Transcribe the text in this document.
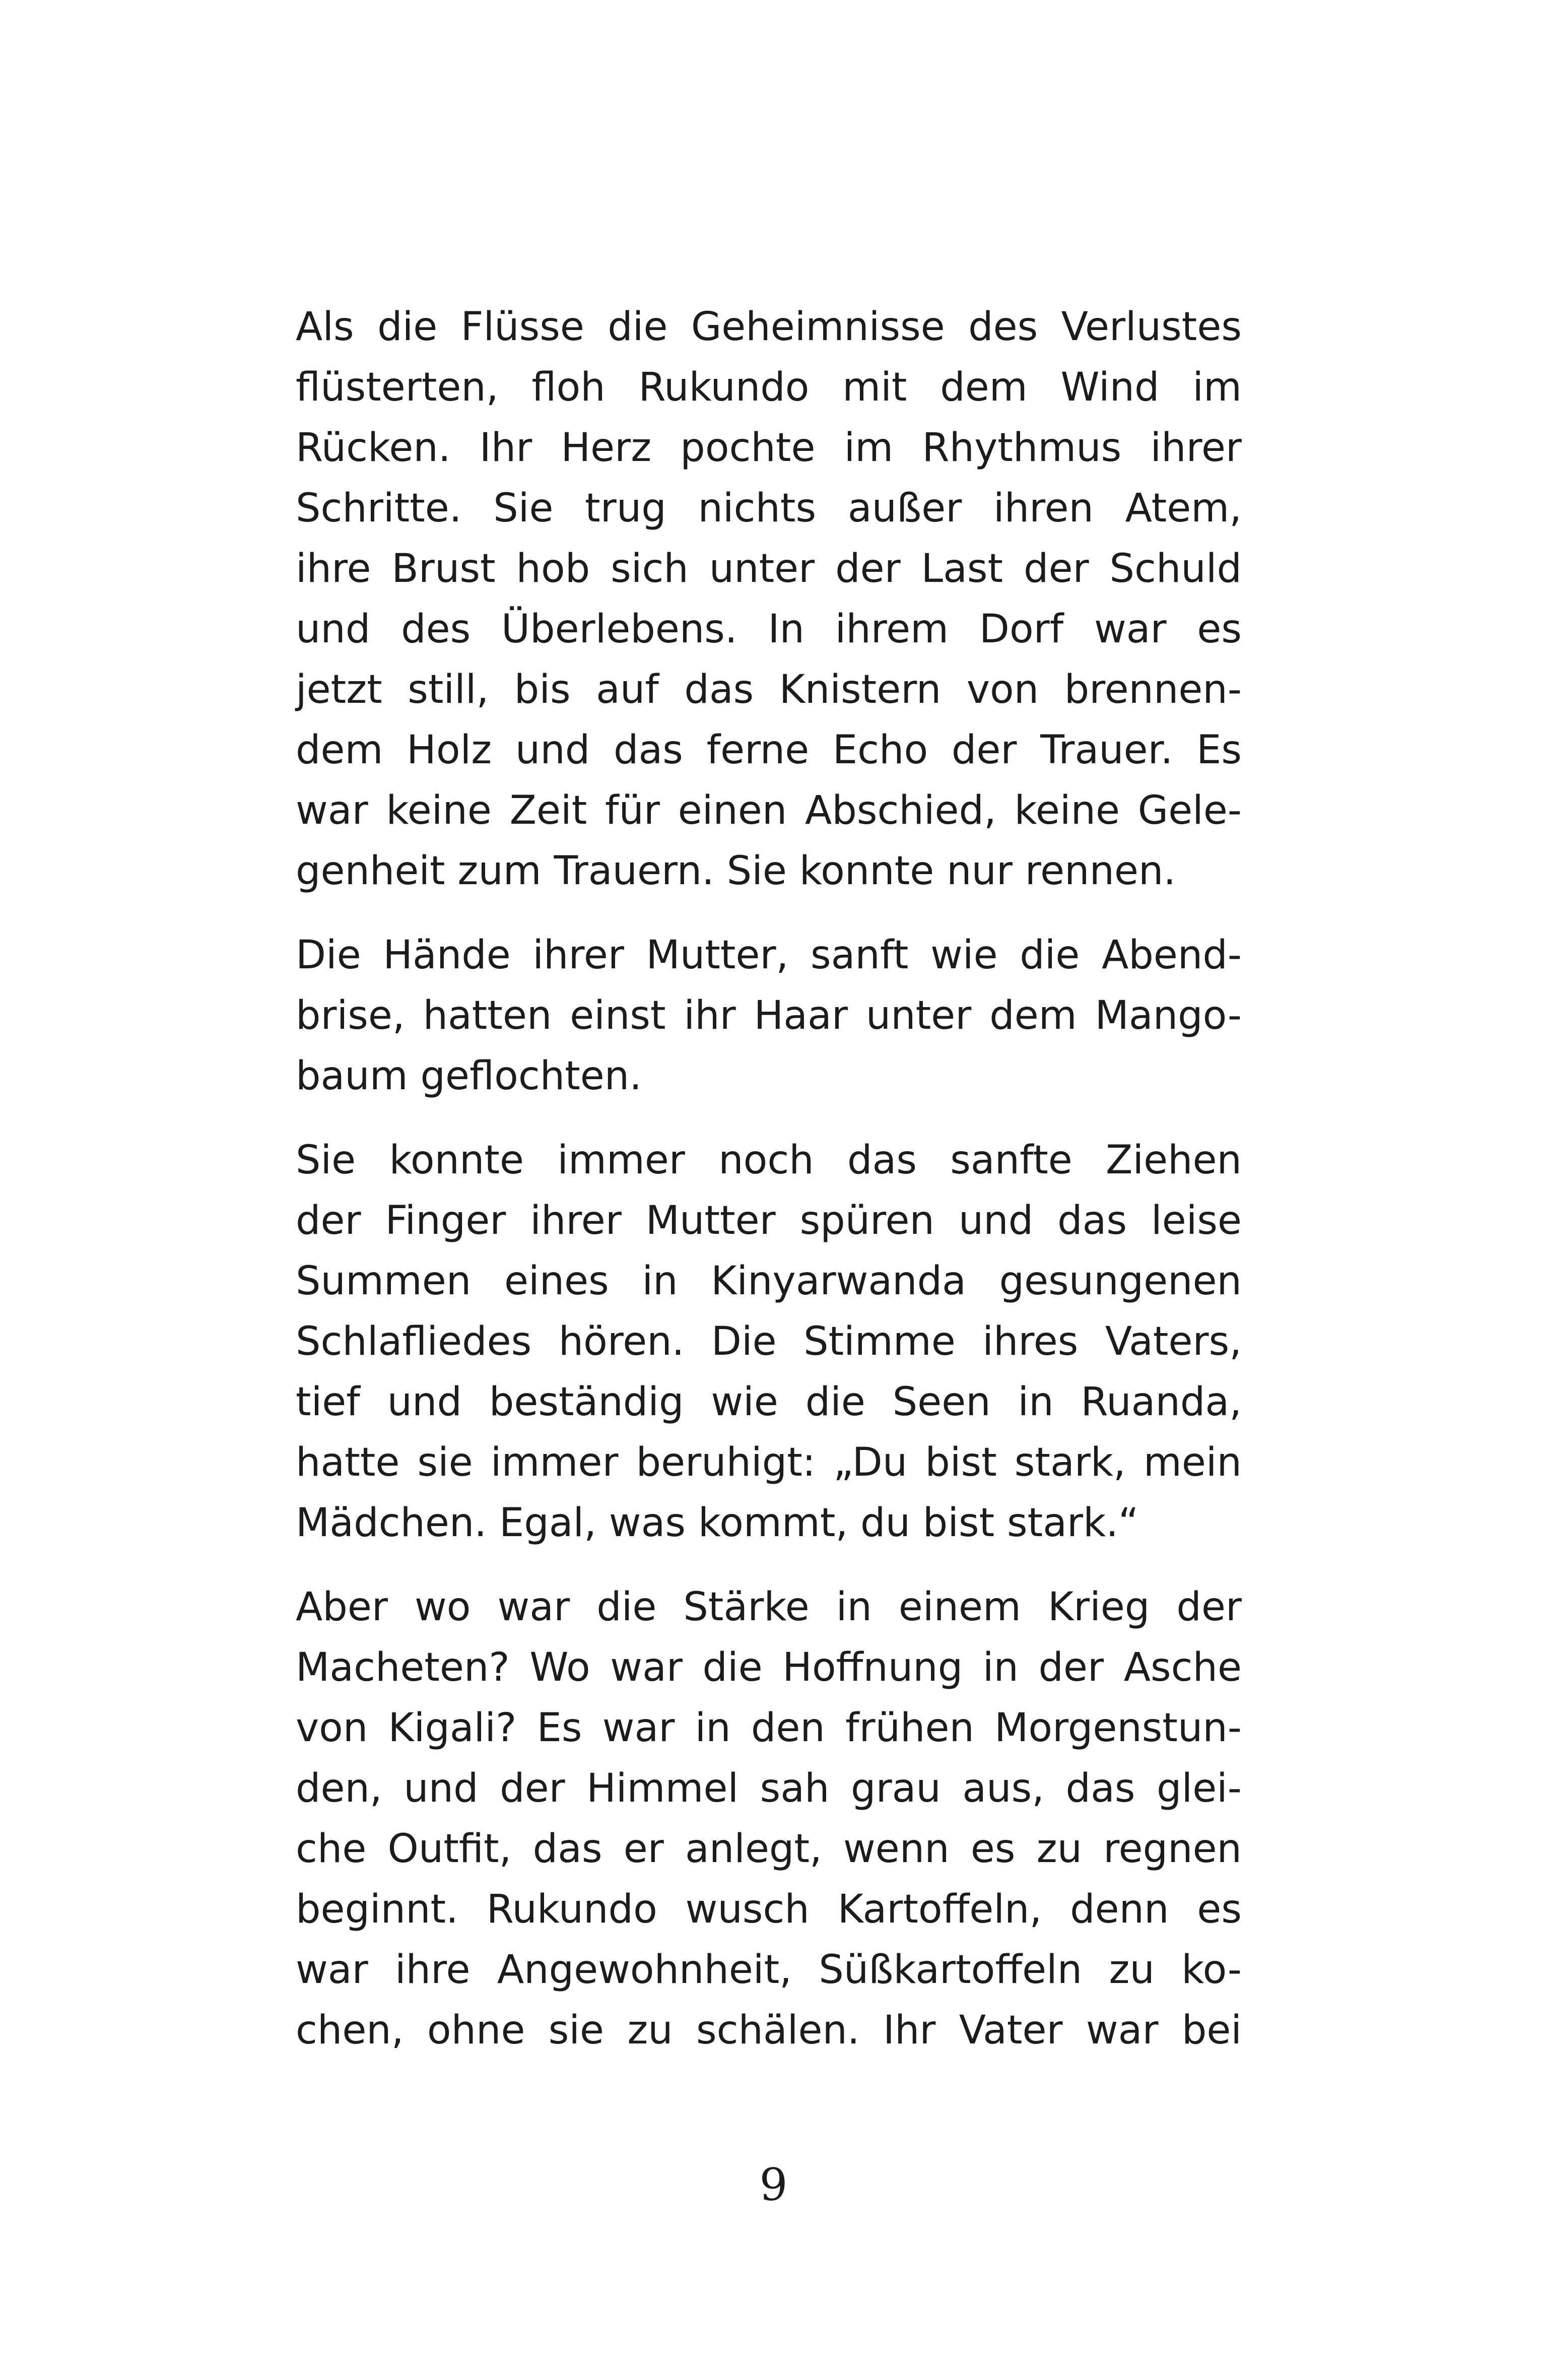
Als die Flüsse die Geheimnisse des Verlustes
flüsterten, floh Rukundo mit dem Wind im
Rücken. Ihr Herz pochte im Rhythmus ihrer
Schritte. Sie trug nichts außer ihren Atem,
ihre Brust hob sich unter der Last der Schuld
und des Überlebens. In ihrem Dorf war es
jetzt still, bis auf das Knistern von brennen-
dem Holz und das ferne Echo der Trauer. Es
war keine Zeit für einen Abschied, keine Gele-
genheit zum Trauern. Sie konnte nur rennen.
Die Hände ihrer Mutter, sanft wie die Abend-
brise, hatten einst ihr Haar unter dem Mango-
baum geflochten.
Sie konnte immer noch das sanfte Ziehen
der Finger ihrer Mutter spüren und das leise
Summen eines in Kinyarwanda gesungenen
Schlafliedes hören. Die Stimme ihres Vaters,
tief und beständig wie die Seen in Ruanda,
hatte sie immer beruhigt: „Du bist stark, mein
Mädchen. Egal, was kommt, du bist stark.“
Aber wo war die Stärke in einem Krieg der
Macheten? Wo war die Hoffnung in der Asche
von Kigali? Es war in den frühen Morgenstun-
den, und der Himmel sah grau aus, das glei-
che Outfit, das er anlegt, wenn es zu regnen
beginnt. Rukundo wusch Kartoffeln, denn es
war ihre Angewohnheit, Süßkartoffeln zu ko-
chen, ohne sie zu schälen. Ihr Vater war bei
9
